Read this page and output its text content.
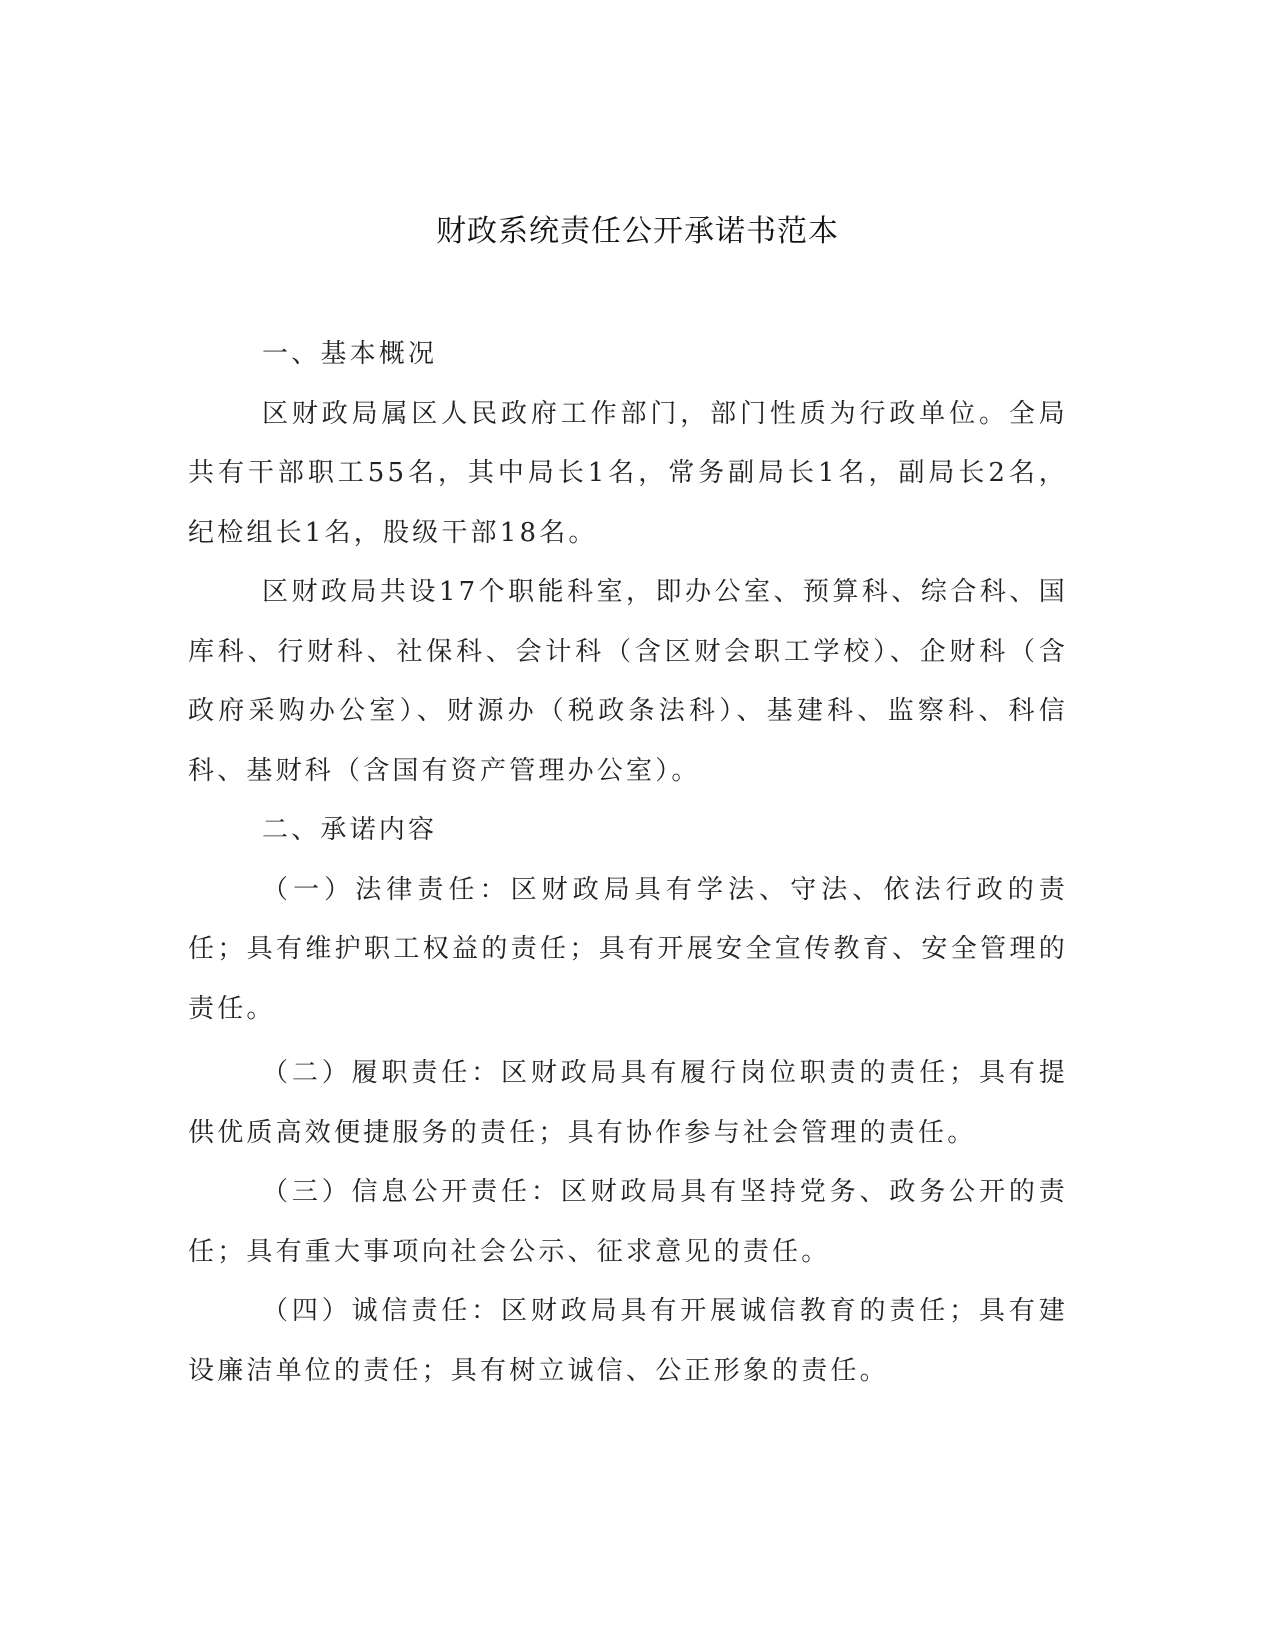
财政系统责任公开承诺书范本

一、基本概况

区财政局属区人民政府工作部门，部门性质为行政单位。全局共有干部职工55名，其中局长1名，常务副局长1名，副局长2名，纪检组长1名，股级干部18名。

区财政局共设17个职能科室，即办公室、预算科、综合科、国库科、行财科、社保科、会计科（含区财会职工学校）、企财科（含政府采购办公室）、财源办（税政条法科）、基建科、监察科、科信科、基财科（含国有资产管理办公室）。

二、承诺内容

（一）法律责任：区财政局具有学法、守法、依法行政的责任；具有维护职工权益的责任；具有开展安全宣传教育、安全管理的责任。

（二）履职责任：区财政局具有履行岗位职责的责任；具有提供优质高效便捷服务的责任；具有协作参与社会管理的责任。

（三）信息公开责任：区财政局具有坚持党务、政务公开的责任；具有重大事项向社会公示、征求意见的责任。

（四）诚信责任：区财政局具有开展诚信教育的责任；具有建设廉洁单位的责任；具有树立诚信、公正形象的责任。
